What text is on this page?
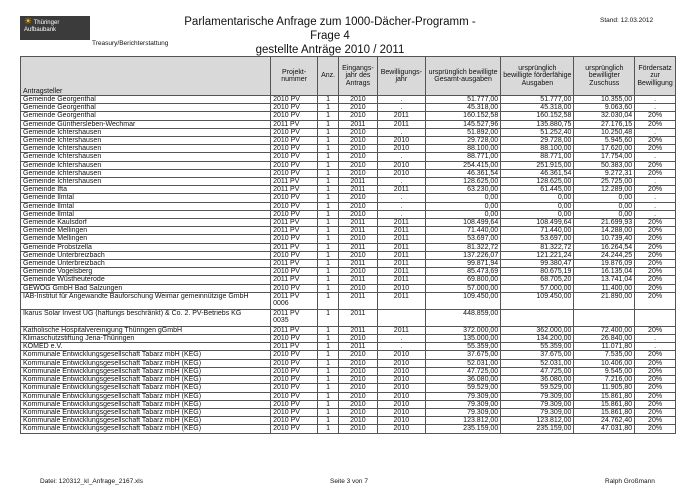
☀ Thüringer Aufbaubank
Treasury/Berichterstattung
Parlamentarische Anfrage zum 1000-Dächer-Programm - Frage 4
gestellte Anträge 2010 / 2011
Stand: 12.03.2012
Antragsteller	Projekt-nummer	Anz.	Eingangs-jahr des Antrags	Bewilligungs-jahr	ursprünglich bewilligte Gesamt-ausgaben	ursprünglich bewilligte förderfähige Ausgaben	ursprünglich bewilligter Zuschuss	Fördersatz zur Bewilligung
Gemeinde Georgenthal	2010 PV	1	2010	.	51.777,00	51.777,00	10.355,00	.
Gemeinde Georgenthal	2010 PV	1	2010	.	45.318,00	45.318,00	9.063,60	.
Gemeinde Georgenthal	2010 PV	1	2010	2011	160.152,58	160.152,58	32.030,04	20%
Gemeinde Günthersleben-Wechmar	2011 PV	1	2011	2011	145.527,96	135.880,75	27.176,15	20%
Gemeinde Ichtershausen	2010 PV	1	2010	.	51.892,00	51.252,40	10.250,48	.
Gemeinde Ichtershausen	2010 PV	1	2010	2010	29.728,00	29.728,00	5.945,60	20%
Gemeinde Ichtershausen	2010 PV	1	2010	2010	88.100,00	88.100,00	17.620,00	20%
Gemeinde Ichtershausen	2010 PV	1	2010	.	88.771,00	88.771,00	17.754,00	.
Gemeinde Ichtershausen	2010 PV	1	2010	2010	254.415,00	251.915,00	50.383,00	20%
Gemeinde Ichtershausen	2010 PV	1	2010	2010	46.361,54	46.361,54	9.272,31	20%
Gemeinde Ichtershausen	2011 PV	1	2011	.	128.625,00	128.625,00	25.725,00	.
Gemeinde Ifta	2011 PV	1	2011	2011	63.230,00	61.445,00	12.289,00	20%
Gemeinde Ilmtal	2010 PV	1	2010	.	0,00	0,00	0,00	.
Gemeinde Ilmtal	2010 PV	1	2010	.	0,00	0,00	0,00	.
Gemeinde Ilmtal	2010 PV	1	2010	.	0,00	0,00	0,00	.
Gemeinde Kaulsdorf	2011 PV	1	2011	2011	108.499,64	108.499,64	21.699,93	20%
Gemeinde Mellingen	2011 PV	1	2011	2011	71.440,00	71.440,00	14.288,00	20%
Gemeinde Mellingen	2010 PV	1	2010	2011	53.697,00	53.697,00	10.739,40	20%
Gemeinde Probstzella	2011 PV	1	2011	2011	81.322,72	81.322,72	16.264,54	20%
Gemeinde Unterbreizbach	2010 PV	1	2010	2011	137.226,07	121.221,24	24.244,25	20%
Gemeinde Unterbreizbach	2011 PV	1	2011	2011	99.871,94	99.380,47	19.876,09	20%
Gemeinde Vogelsberg	2010 PV	1	2010	2011	85.473,69	80.675,19	16.135,04	20%
Gemeinde Wüstheuterode	2011 PV	1	2011	2011	69.800,00	68.705,20	13.741,04	20%
GEWOG GmbH Bad Salzungen	2010 PV	1	2010	2010	57.000,00	57.000,00	11.400,00	20%
IAB-Institut für Angewandte Bauforschung Weimar gemeinnützige GmbH	2011 PV 0006	1	2011	2011	109.450,00	109.450,00	21.890,00	20%
Ikarus Solar Invest UG (haftungs beschränkt) & Co. 2. PV-Betriebs KG	2011 PV 0035	1	2011		448.859,00			
Katholische Hospitalvereinigung Thüringen gGmbH	2011 PV	1	2011	2011	372.000,00	362.000,00	72.400,00	20%
Klimaschutzstiftung Jena-Thüringen	2010 PV	1	2010	.	135.000,00	134.200,00	26.840,00	.
KOMED e.V.	2011 PV	1	2011	.	55.359,00	55.359,00	11.071,80	.
Kommunale Entwicklungsgesellschaft Tabarz mbH (KEG)	2010 PV	1	2010	2010	37.675,00	37.675,00	7.535,00	20%
Kommunale Entwicklungsgesellschaft Tabarz mbH (KEG)	2010 PV	1	2010	2010	52.031,00	52.031,00	10.406,00	20%
Kommunale Entwicklungsgesellschaft Tabarz mbH (KEG)	2010 PV	1	2010	2010	47.725,00	47.725,00	9.545,00	20%
Kommunale Entwicklungsgesellschaft Tabarz mbH (KEG)	2010 PV	1	2010	2010	36.080,00	36.080,00	7.216,00	20%
Kommunale Entwicklungsgesellschaft Tabarz mbH (KEG)	2010 PV	1	2010	2010	59.529,00	59.529,00	11.905,80	20%
Kommunale Entwicklungsgesellschaft Tabarz mbH (KEG)	2010 PV	1	2010	2010	79.309,00	79.309,00	15.861,80	20%
Kommunale Entwicklungsgesellschaft Tabarz mbH (KEG)	2010 PV	1	2010	2010	79.309,00	79.309,00	15.861,80	20%
Kommunale Entwicklungsgesellschaft Tabarz mbH (KEG)	2010 PV	1	2010	2010	79.309,00	79.309,00	15.861,80	20%
Kommunale Entwicklungsgesellschaft Tabarz mbH (KEG)	2010 PV	1	2010	2010	123.812,00	123.812,00	24.762,40	20%
Kommunale Entwicklungsgesellschaft Tabarz mbH (KEG)	2010 PV	1	2010	2010	235.159,00	235.159,00	47.031,80	20%
Datei: 120312_kl_Anfrage_2167.xls	Seite 3 von 7	Ralph Großmann
